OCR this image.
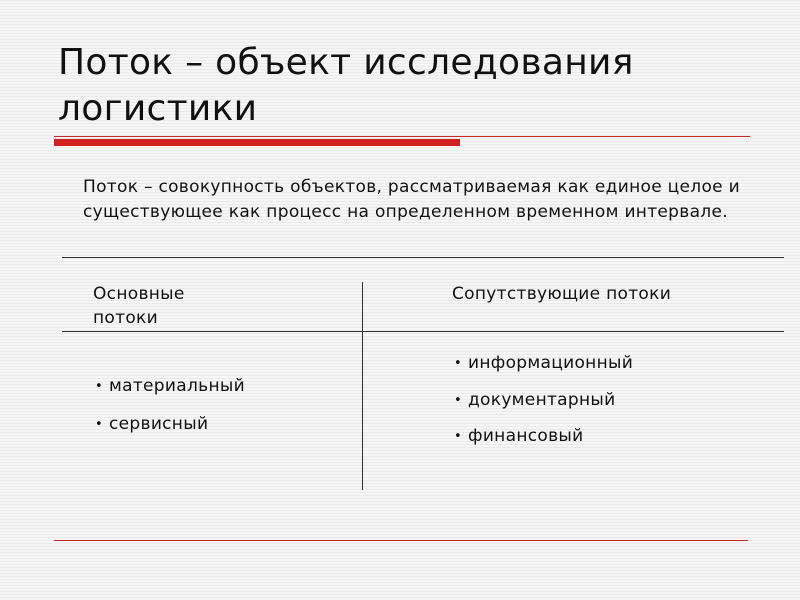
Поток – объект исследования
логистики

Поток – совокупность объектов, рассматриваемая как единое целое и существующее как процесс на определенном временном интервале.

Основные потоки
Сопутствующие потоки
• материальный
• сервисный
• информационный
• документарный
• финансовый
